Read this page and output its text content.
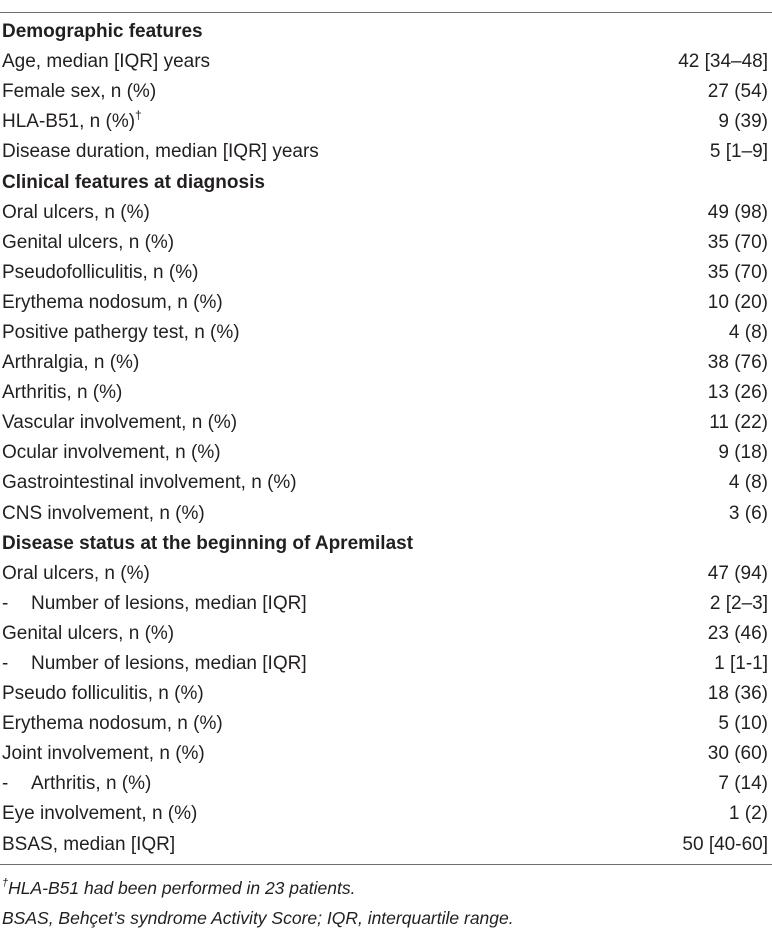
Demographic features
Age, median [IQR] years	42 [34–48]
Female sex, n (%)	27 (54)
HLA-B51, n (%)†	9 (39)
Disease duration, median [IQR] years	5 [1–9]
Clinical features at diagnosis
Oral ulcers, n (%)	49 (98)
Genital ulcers, n (%)	35 (70)
Pseudofolliculitis, n (%)	35 (70)
Erythema nodosum, n (%)	10 (20)
Positive pathergy test, n (%)	4 (8)
Arthralgia, n (%)	38 (76)
Arthritis, n (%)	13 (26)
Vascular involvement, n (%)	11 (22)
Ocular involvement, n (%)	9 (18)
Gastrointestinal involvement, n (%)	4 (8)
CNS involvement, n (%)	3 (6)
Disease status at the beginning of Apremilast
Oral ulcers, n (%)	47 (94)
- Number of lesions, median [IQR]	2 [2–3]
Genital ulcers, n (%)	23 (46)
- Number of lesions, median [IQR]	1 [1-1]
Pseudo folliculitis, n (%)	18 (36)
Erythema nodosum, n (%)	5 (10)
Joint involvement, n (%)	30 (60)
- Arthritis, n (%)	7 (14)
Eye involvement, n (%)	1 (2)
BSAS, median [IQR]	50 [40-60]
†HLA-B51 had been performed in 23 patients.
BSAS, Behçet’s syndrome Activity Score; IQR, interquartile range.
